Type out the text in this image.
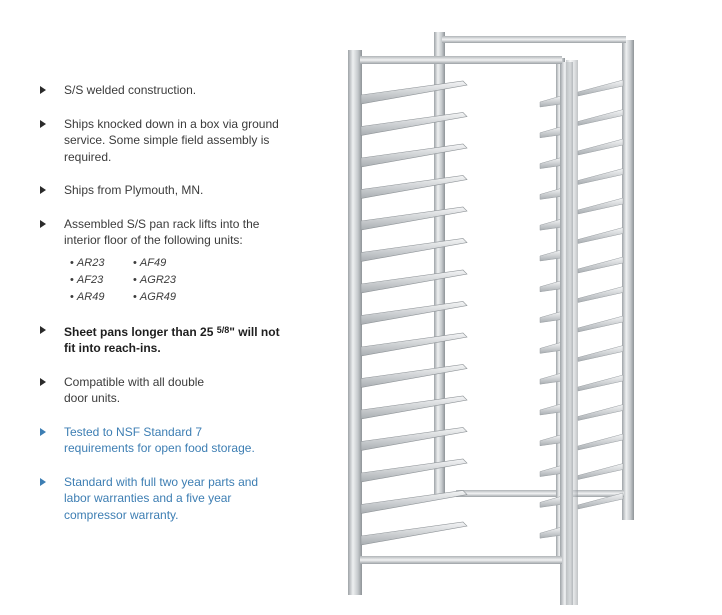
S/S welded construction.
Ships knocked down in a box via ground service. Some simple field assembly is required.
Ships from Plymouth, MN.
Assembled S/S pan rack lifts into the interior floor of the following units:
• AR23	• AF49
• AF23	• AGR23
• AR49	• AGR49
Sheet pans longer than 25 $^{5/8}$ʺ will not fit into reach-ins.
Compatible with all double door units.
Tested to NSF Standard 7 requirements for open food storage.
Standard with full two year parts and labor warranties and a five year compressor warranty.
